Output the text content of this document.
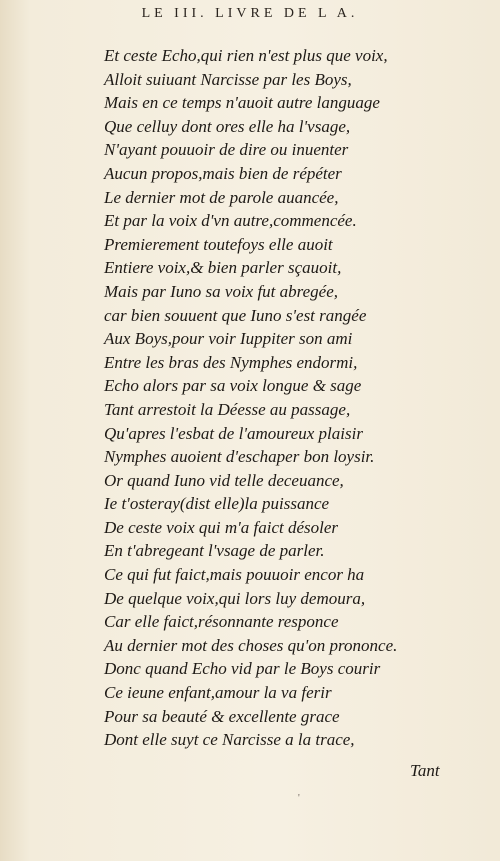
LE III. LIVRE DE L A.
Et ceste Echo,qui rien n'est plus que voix,
Alloit suiuant Narcisse par les Boys,
Mais en ce temps n'auoit autre language
Que celluy dont ores elle ha l'vsage,
N'ayant pouuoir de dire ou inuenter
Aucun propos,mais bien de répéter
Le dernier mot de parole auancée,
Et par la voix d'vn autre,commencée.
Premierement toutefoys elle auoit
Entiere voix,& bien parler sçauoit,
Mais par Iuno sa voix fut abregée,
car bien souuent que Iuno s'est rangée
Aux Boys,pour voir Iuppiter son ami
Entre les bras des Nymphes endormi,
Echo alors par sa voix longue & sage
Tant arrestoit la Déesse au passage,
Qu'apres l'esbat de l'amoureux plaisir
Nymphes auoient d'eschaper bon loysir.
Or quand Iuno vid telle deceuance,
Ie t'osteray(dist elle)la puissance
De ceste voix qui m'a faict désoler
En t'abregeant l'vsage de parler.
Ce qui fut faict,mais pouuoir encor ha
De quelque voix,qui lors luy demoura,
Car elle faict,résonnante responce
Au dernier mot des choses qu'on prononce.
Donc quand Echo vid par le Boys courir
Ce ieune enfant,amour la va ferir
Pour sa beauté & excellente grace
Dont elle suyt ce Narcisse a la trace,
Tant
'
